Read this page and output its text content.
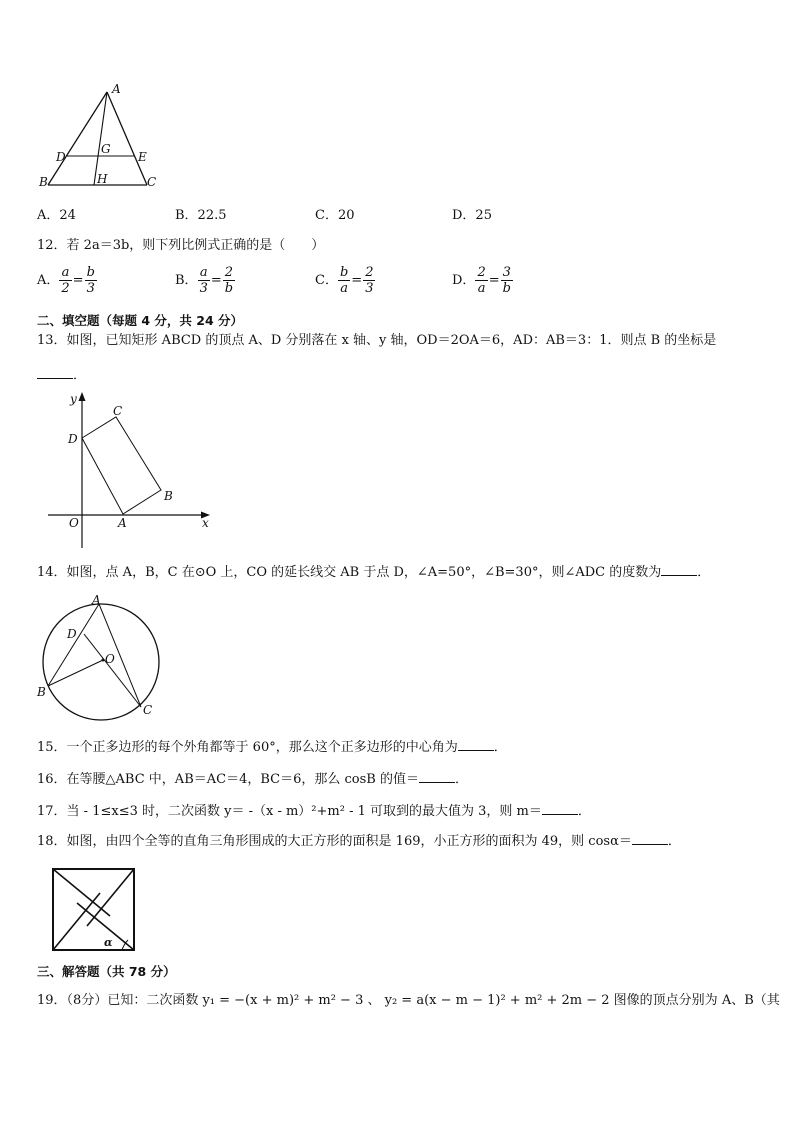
A
D
G
E
B	H	C
A．24	B．22.5	C．20	D．25
12．若 2a＝3b，则下列比例式正确的是（　　）
A． $\frac{a}{2} = \frac{b}{3}$	B． $\frac{a}{3} = \frac{2}{b}$	C． $\frac{b}{a} = \frac{2}{3}$	D． $\frac{2}{a} = \frac{3}{b}$
二、填空题（每题 4 分，共 24 分）
13．如图，已知矩形 ABCD 的顶点 A、D 分别落在 x 轴、y 轴，OD＝2OA＝6，AD：AB＝3：1．则点 B 的坐标是
．
y
x
O	A
B
C
D
14．如图，点 A，B，C 在⊙O 上，CO 的延长线交 AB 于点 D，∠A=50°，∠B=30°，则∠ADC 的度数为	．
A
D
O
B
C
15．一个正多边形的每个外角都等于 60°，那么这个正多边形的中心角为	．
16．在等腰△ABC 中，AB＝AC＝4，BC＝6，那么 cosB 的值＝	．
17．当 - 1≤x≤3 时，二次函数 y＝ -（x - m）²+m² - 1 可取到的最大值为 3，则 m＝	．
18．如图，由四个全等的直角三角形围成的大正方形的面积是 169，小正方形的面积为 49，则 cosα＝	．
α
三、解答题（共 78 分）
19．（8分）已知：二次函数 y₁ = −(x + m)² + m² − 3 、 y₂ = a(x − m − 1)² + m² + 2m − 2 图像的顶点分别为 A、B（其
